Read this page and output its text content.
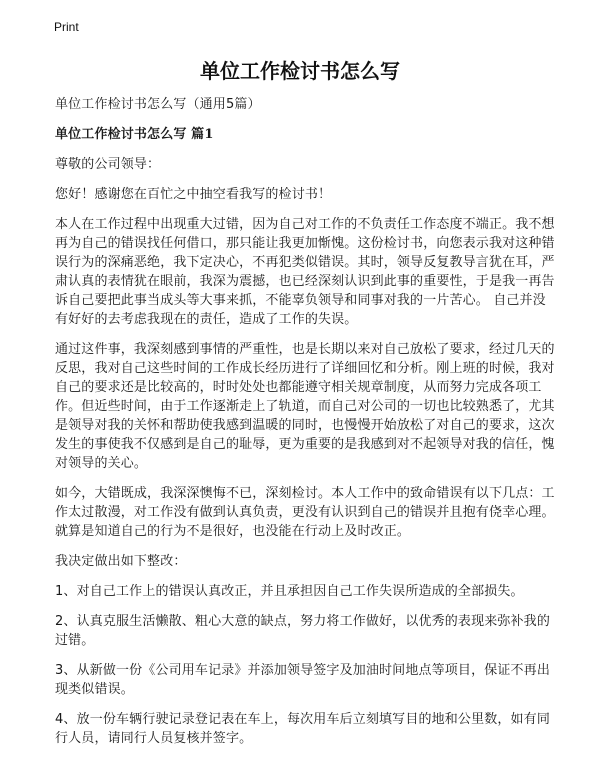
Print
单位工作检讨书怎么写

单位工作检讨书怎么写（通用5篇）

单位工作检讨书怎么写 篇1

尊敬的公司领导：

您好！感谢您在百忙之中抽空看我写的检讨书！

本人在工作过程中出现重大过错，因为自己对工作的不负责任工作态度不端正。我不想再为自己的错误找任何借口，那只能让我更加惭愧。这份检讨书，向您表示我对这种错误行为的深痛恶绝，我下定决心，不再犯类似错误。其时，领导反复教导言犹在耳，严肃认真的表情犹在眼前，我深为震撼，也已经深刻认识到此事的重要性，于是我一再告诉自己要把此事当成头等大事来抓，不能辜负领导和同事对我的一片苦心。 自己并没有好好的去考虑我现在的责任，造成了工作的失误。

通过这件事，我深刻感到事情的严重性，也是长期以来对自己放松了要求，经过几天的反思，我对自己这些时间的工作成长经历进行了详细回忆和分析。刚上班的时候，我对自己的要求还是比较高的，时时处处也都能遵守相关规章制度，从而努力完成各项工作。但近些时间，由于工作逐渐走上了轨道，而自己对公司的一切也比较熟悉了，尤其是领导对我的关怀和帮助使我感到温暖的同时，也慢慢开始放松了对自己的要求，这次发生的事使我不仅感到是自己的耻辱，更为重要的是我感到对不起领导对我的信任，愧对领导的关心。

如今，大错既成，我深深懊悔不已，深刻检讨。本人工作中的致命错误有以下几点：工作太过散漫，对工作没有做到认真负责，更没有认识到自己的错误并且抱有侥幸心理。就算是知道自己的行为不是很好，也没能在行动上及时改正。

我决定做出如下整改：

1、对自己工作上的错误认真改正，并且承担因自己工作失误所造成的全部损失。

2、认真克服生活懒散、粗心大意的缺点，努力将工作做好，以优秀的表现来弥补我的过错。

3、从新做一份《公司用车记录》并添加领导签字及加油时间地点等项目，保证不再出现类似错误。

4、放一份车辆行驶记录登记表在车上，每次用车后立刻填写目的地和公里数，如有同行人员，请同行人员复核并签字。
